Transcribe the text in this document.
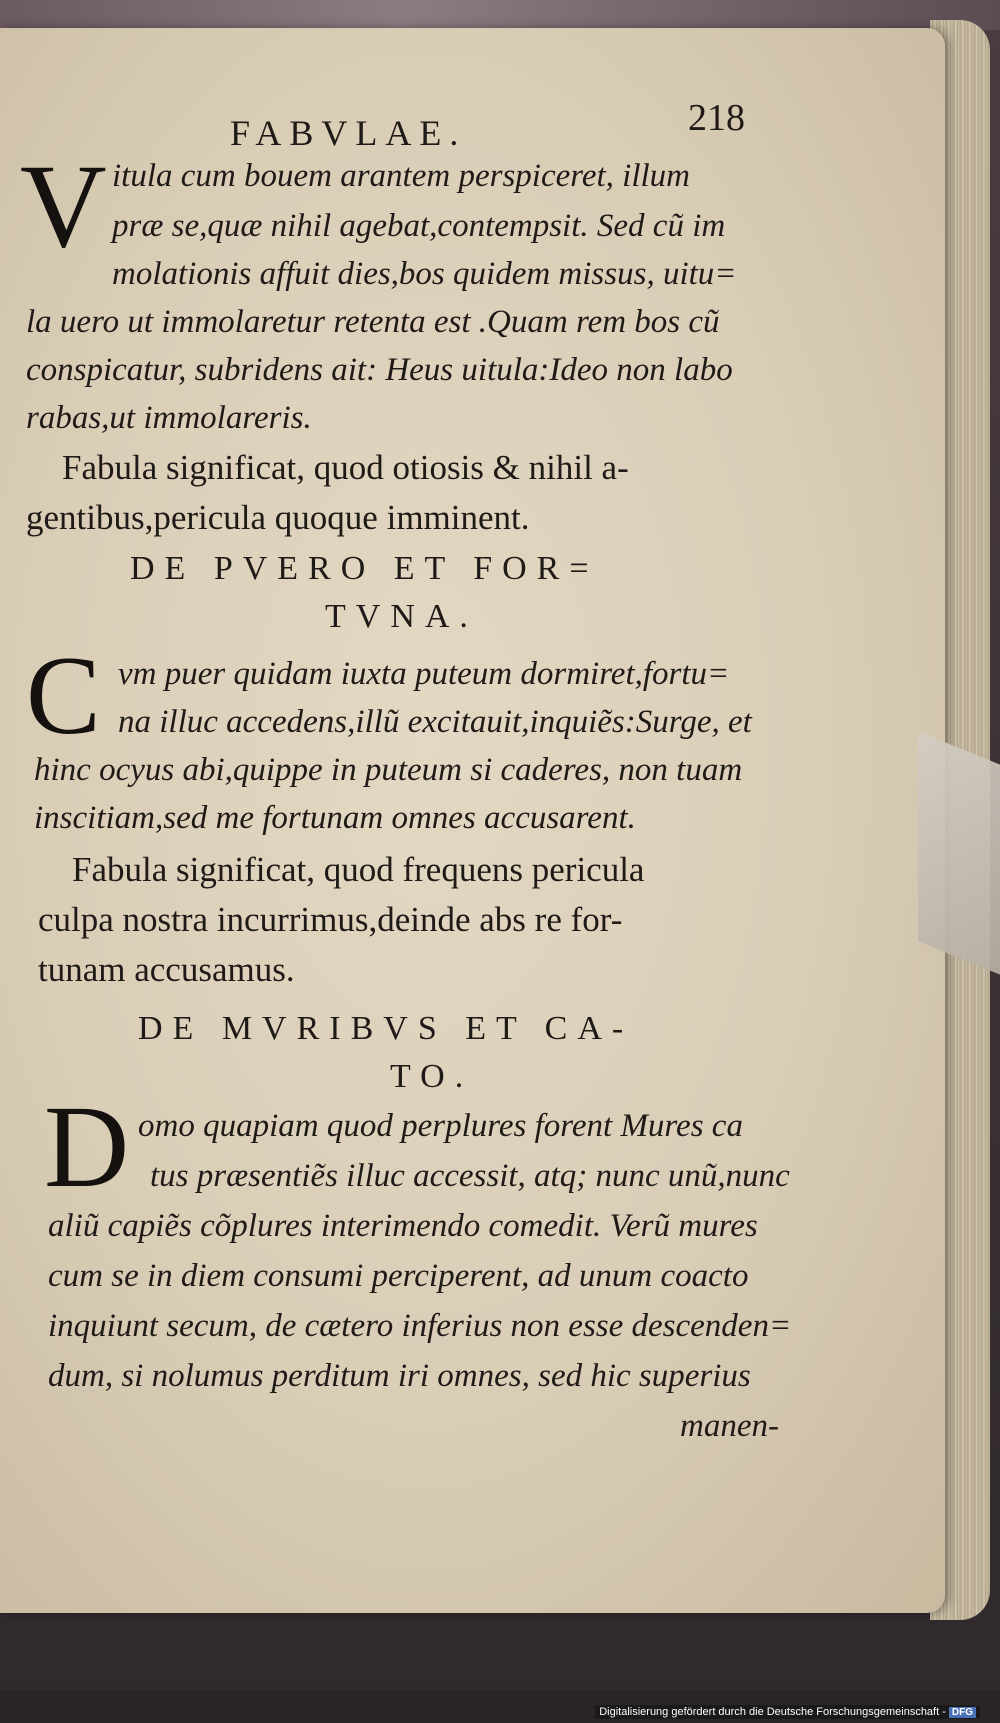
FABVLAE.	218
V itula cum bouem arantem perspiceret, illum
præ se,quæ nihil agebat,contempsit. Sed cũ im
molationis affuit dies,bos quidem missus, uitu=
la uero ut immolaretur retenta est .Quam rem bos cũ
conspicatur, subridens ait: Heus uitula:Ideo non labo
rabas,ut immolareris.
Fabula significat, quod otiosis & nihil a-
gentibus,pericula quoque imminent.
DE PVERO ET FOR=
TVNA.
C vm puer quidam iuxta puteum dormiret,fortu=
na illuc accedens,illũ excitauit,inquiẽs:Surge, et
hinc ocyus abi,quippe in puteum si caderes, non tuam
inscitiam,sed me fortunam omnes accusarent.
Fabula significat, quod frequens pericula
culpa nostra incurrimus,deinde abs re for-
tunam accusamus.
DE MVRIBVS ET CA-
TO.
D omo quapiam quod perplures forent Mures ca
tus præsentiẽs illuc accessit, atq; nunc unũ,nunc
aliũ capiẽs cõplures interimendo comedit. Verũ mures
cum se in diem consumi perciperent, ad unum coacto
inquiunt secum, de cætero inferius non esse descenden=
dum, si nolumus perditum iri omnes, sed hic superius
manen-
Digitalisierung gefördert durch die Deutsche Forschungsgemeinschaft - DFG
